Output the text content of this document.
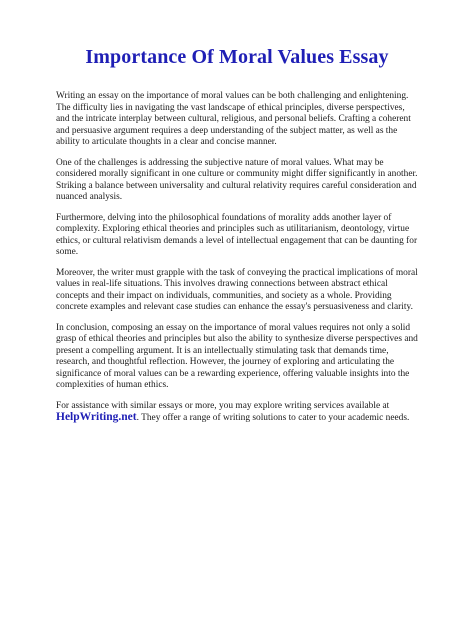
Importance Of Moral Values Essay

Writing an essay on the importance of moral values can be both challenging and enlightening. The difficulty lies in navigating the vast landscape of ethical principles, diverse perspectives, and the intricate interplay between cultural, religious, and personal beliefs. Crafting a coherent and persuasive argument requires a deep understanding of the subject matter, as well as the ability to articulate thoughts in a clear and concise manner.

One of the challenges is addressing the subjective nature of moral values. What may be considered morally significant in one culture or community might differ significantly in another. Striking a balance between universality and cultural relativity requires careful consideration and nuanced analysis.

Furthermore, delving into the philosophical foundations of morality adds another layer of complexity. Exploring ethical theories and principles such as utilitarianism, deontology, virtue ethics, or cultural relativism demands a level of intellectual engagement that can be daunting for some.

Moreover, the writer must grapple with the task of conveying the practical implications of moral values in real-life situations. This involves drawing connections between abstract ethical concepts and their impact on individuals, communities, and society as a whole. Providing concrete examples and relevant case studies can enhance the essay's persuasiveness and clarity.

In conclusion, composing an essay on the importance of moral values requires not only a solid grasp of ethical theories and principles but also the ability to synthesize diverse perspectives and present a compelling argument. It is an intellectually stimulating task that demands time, research, and thoughtful reflection. However, the journey of exploring and articulating the significance of moral values can be a rewarding experience, offering valuable insights into the complexities of human ethics.

For assistance with similar essays or more, you may explore writing services available at HelpWriting.net. They offer a range of writing solutions to cater to your academic needs.
